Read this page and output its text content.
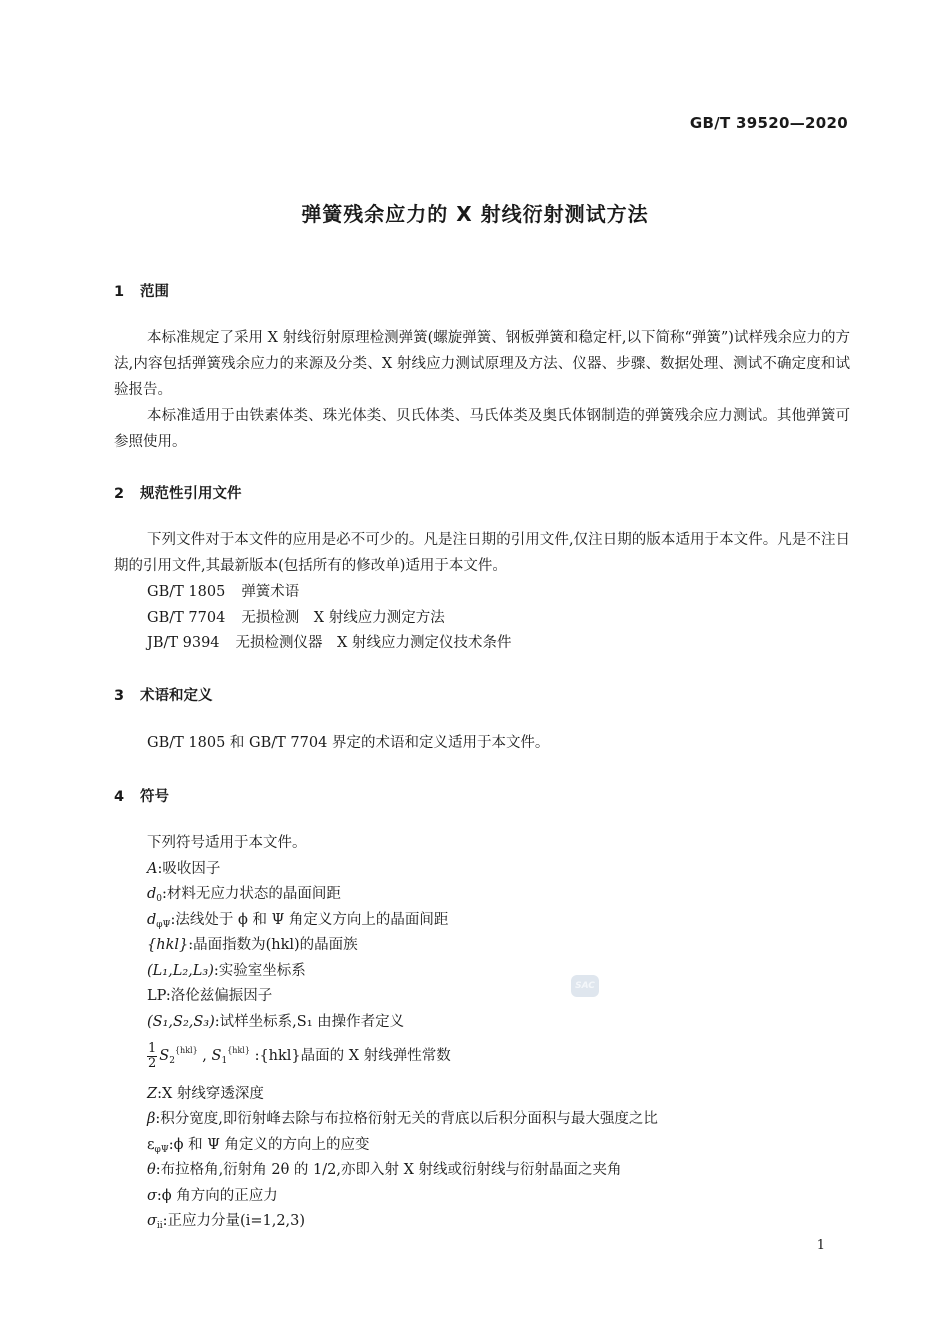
GB/T 39520—2020
弹簧残余应力的 X 射线衍射测试方法
1 范围

本标准规定了采用 X 射线衍射原理检测弹簧(螺旋弹簧、钢板弹簧和稳定杆,以下简称“弹簧”)试样残余应力的方法,内容包括弹簧残余应力的来源及分类、X 射线应力测试原理及方法、仪器、步骤、数据处理、测试不确定度和试验报告。

本标准适用于由铁素体类、珠光体类、贝氏体类、马氏体类及奥氏体钢制造的弹簧残余应力测试。其他弹簧可参照使用。

2 规范性引用文件

下列文件对于本文件的应用是必不可少的。凡是注日期的引用文件,仅注日期的版本适用于本文件。凡是不注日期的引用文件,其最新版本(包括所有的修改单)适用于本文件。

GB/T 1805 弹簧术语
GB/T 7704 无损检测　X 射线应力测定方法
JB/T 9394 无损检测仪器　X 射线应力测定仪技术条件
3 术语和定义
GB/T 1805 和 GB/T 7704 界定的术语和定义适用于本文件。
4 符号
下列符号适用于本文件。
A:吸收因子
$d_0$:材料无应力状态的晶面间距
$d_{\varphi\Psi}$:法线处于 ϕ 和 Ψ 角定义方向上的晶面间距
{hkl}:晶面指数为(hkl)的晶面族
(L₁,L₂,L₃):实验室坐标系
LP:洛伦兹偏振因子
(S₁,S₂,S₃):试样坐标系,S₁ 由操作者定义
$\frac{1}{2} S_2^{\{hkl\}}$ , $S_1^{\{hkl\}}$ :{hkl}晶面的 X 射线弹性常数
Z:X 射线穿透深度
β:积分宽度,即衍射峰去除与布拉格衍射无关的背底以后积分面积与最大强度之比
$\varepsilon_{\varphi\Psi}:\phi$ 和 Ψ 角定义的方向上的应变
θ:布拉格角,衍射角 2θ 的 1/2,亦即入射 X 射线或衍射线与衍射晶面之夹角
σ:ϕ 角方向的正应力
$\sigma_{ii}$:正应力分量(i=1,2,3)
SAC
1
